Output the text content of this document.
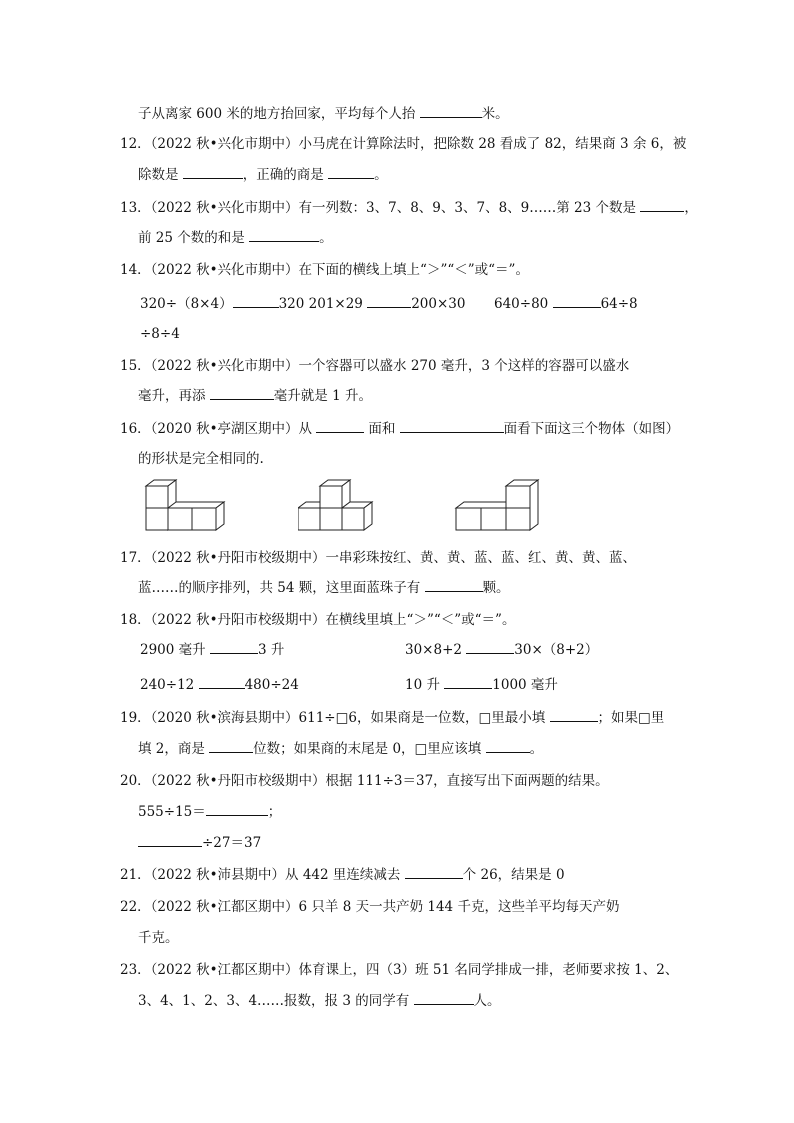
子从离家 600 米的地方抬回家，平均每个人抬	米。
12．（2022 秋•兴化市期中）小马虎在计算除法时，把除数 28 看成了 82，结果商 3 余 6，被
除数是	，正确的商是	。
13．（2022 秋•兴化市期中）有一列数：3、7、8、9、3、7、8、9……第 23 个数是	，
前 25 个数的和是	。
14．（2022 秋•兴化市期中）在下面的横线上填上“＞”“＜”或“＝”。
320÷（8×4）	320 201×29	200×30 640÷80	64÷8
÷8÷4
15．（2022 秋•兴化市期中）一个容器可以盛水 270 毫升，3 个这样的容器可以盛水
毫升，再添	毫升就是 1 升。
16．（2020 秋•亭湖区期中）从	面和	面看下面这三个物体（如图）
的形状是完全相同的.
17．（2022 秋•丹阳市校级期中）一串彩珠按红、黄、黄、蓝、蓝、红、黄、黄、蓝、
蓝……的顺序排列，共 54 颗，这里面蓝珠子有	颗。
18．（2022 秋•丹阳市校级期中）在横线里填上“＞”“＜”或“＝”。
2900 毫升	3 升	30×8+2	30×（8+2）
240÷12	480÷24	10 升	1000 毫升
19．（2020 秋•滨海县期中）611÷□6，如果商是一位数，□里最小填	；如果□里
填 2，商是	位数；如果商的末尾是 0，□里应该填	。
20．（2022 秋•丹阳市校级期中）根据 111÷3＝37，直接写出下面两题的结果。
555÷15＝	；
÷27＝37
21．（2022 秋•沛县期中）从 442 里连续减去	个 26，结果是 0
22．（2022 秋•江都区期中）6 只羊 8 天一共产奶 144 千克，这些羊平均每天产奶
千克。
23．（2022 秋•江都区期中）体育课上，四（3）班 51 名同学排成一排，老师要求按 1、2、
3、4、1、2、3、4……报数，报 3 的同学有	人。
